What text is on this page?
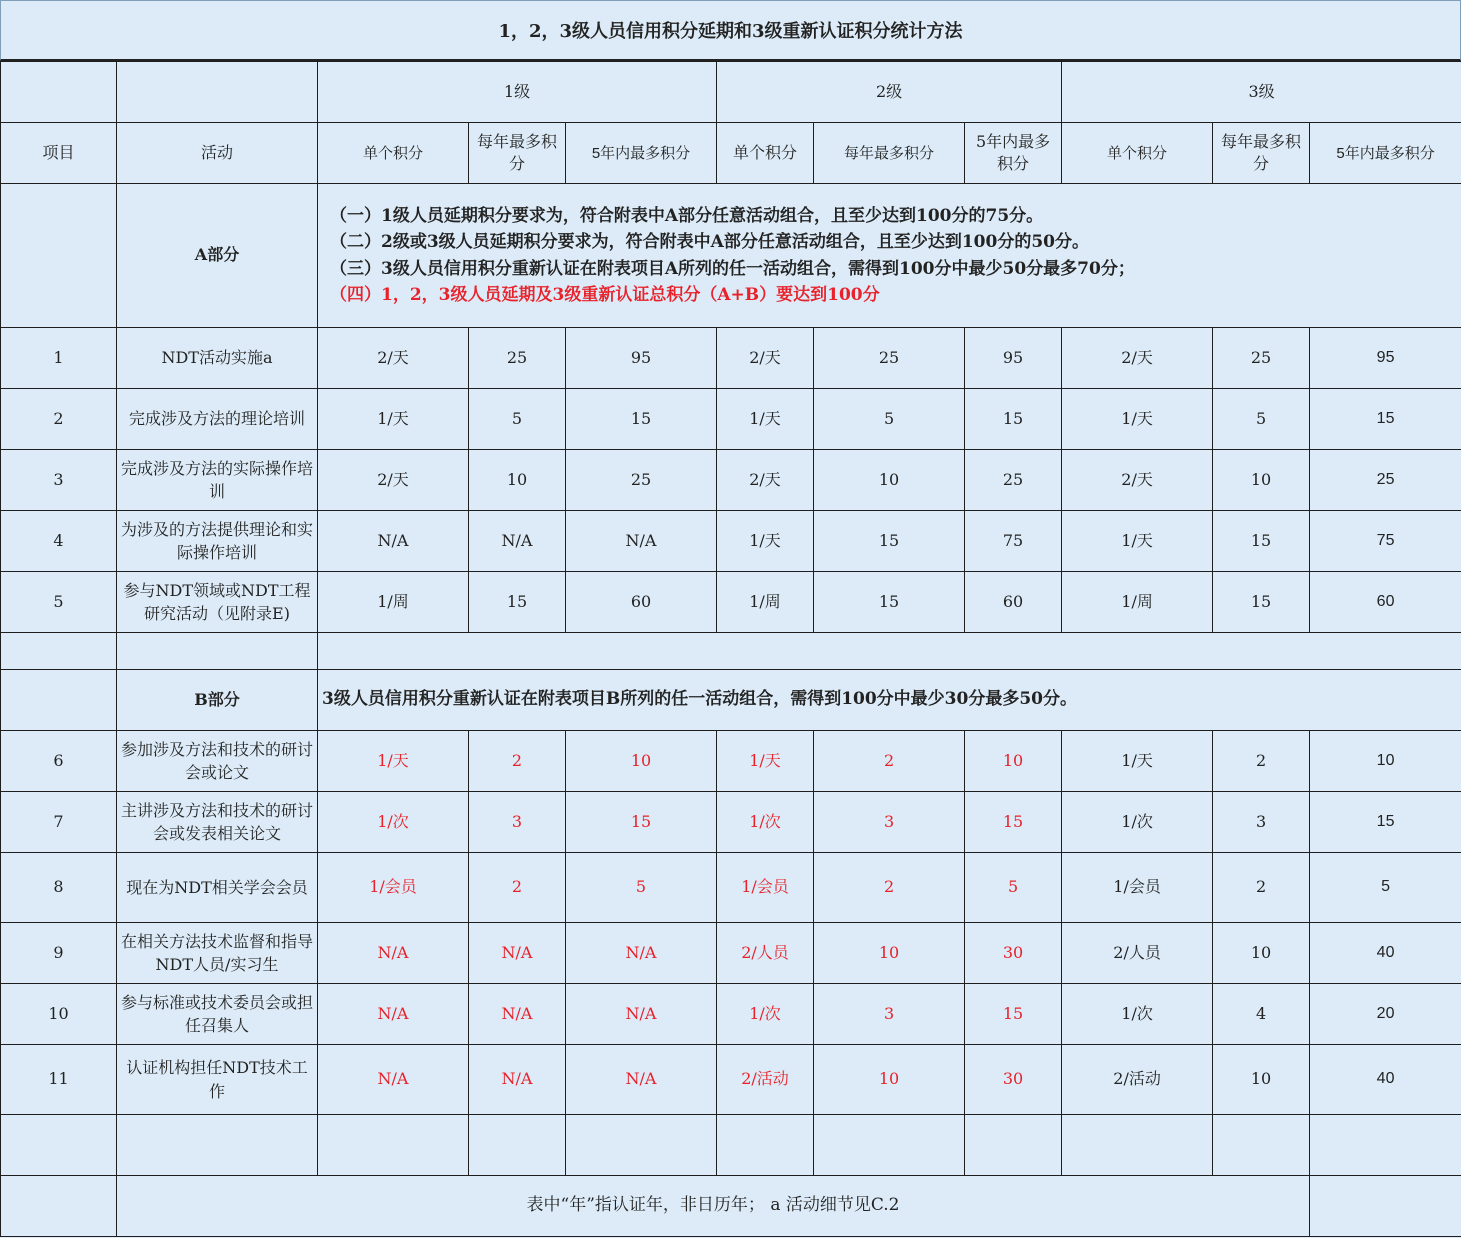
1，2，3级人员信用积分延期和3级重新认证积分统计方法
		1级			2级			3级		
项目	活动	单个积分	每年最多积分	5年内最多积分	单个积分	每年最多积分	5年内最多积分	单个积分	每年最多积分	5年内最多积分
	A部分	（一）1级人员延期积分要求为，符合附表中A部分任意活动组合，且至少达到100分的75分。
（二）2级或3级人员延期积分要求为，符合附表中A部分任意活动组合，且至少达到100分的50分。
（三）3级人员信用积分重新认证在附表项目A所列的任一活动组合，需得到100分中最少50分最多70分；
（四）1，2，3级人员延期及3级重新认证总积分（A+B）要达到100分								

1	NDT活动实施a	2/天	25	95	2/天	25	95	2/天	25	95
2	完成涉及方法的理论培训	1/天	5	15	1/天	5	15	1/天	5	15
3	完成涉及方法的实际操作培训	2/天	10	25	2/天	10	25	2/天	10	25
4	为涉及的方法提供理论和实际操作培训	N/A	N/A	N/A	1/天	15	75	1/天	15	75
5	参与NDT领域或NDT工程研究活动（见附录E)	1/周	15	60	1/周	15	60	1/周	15	60

	B部分	3级人员信用积分重新认证在附表项目B所列的任一活动组合，需得到100分中最少30分最多50分。								
6	参加涉及方法和技术的研讨会或论文	1/天	2	10	1/天	2	10	1/天	2	10
7	主讲涉及方法和技术的研讨会或发表相关论文	1/次	3	15	1/次	3	15	1/次	3	15
8	现在为NDT相关学会会员	1/会员	2	5	1/会员	2	5	1/会员	2	5
9	在相关方法技术监督和指导NDT人员/实习生	N/A	N/A	N/A	2/人员	10	30	2/人员	10	40
10	参与标准或技术委员会或担任召集人	N/A	N/A	N/A	1/次	3	15	1/次	4	20
11	认证机构担任NDT技术工作	N/A	N/A	N/A	2/活动	10	30	2/活动	10	40

	表中“年”指认证年，非日历年； a 活动细节见C.2									
